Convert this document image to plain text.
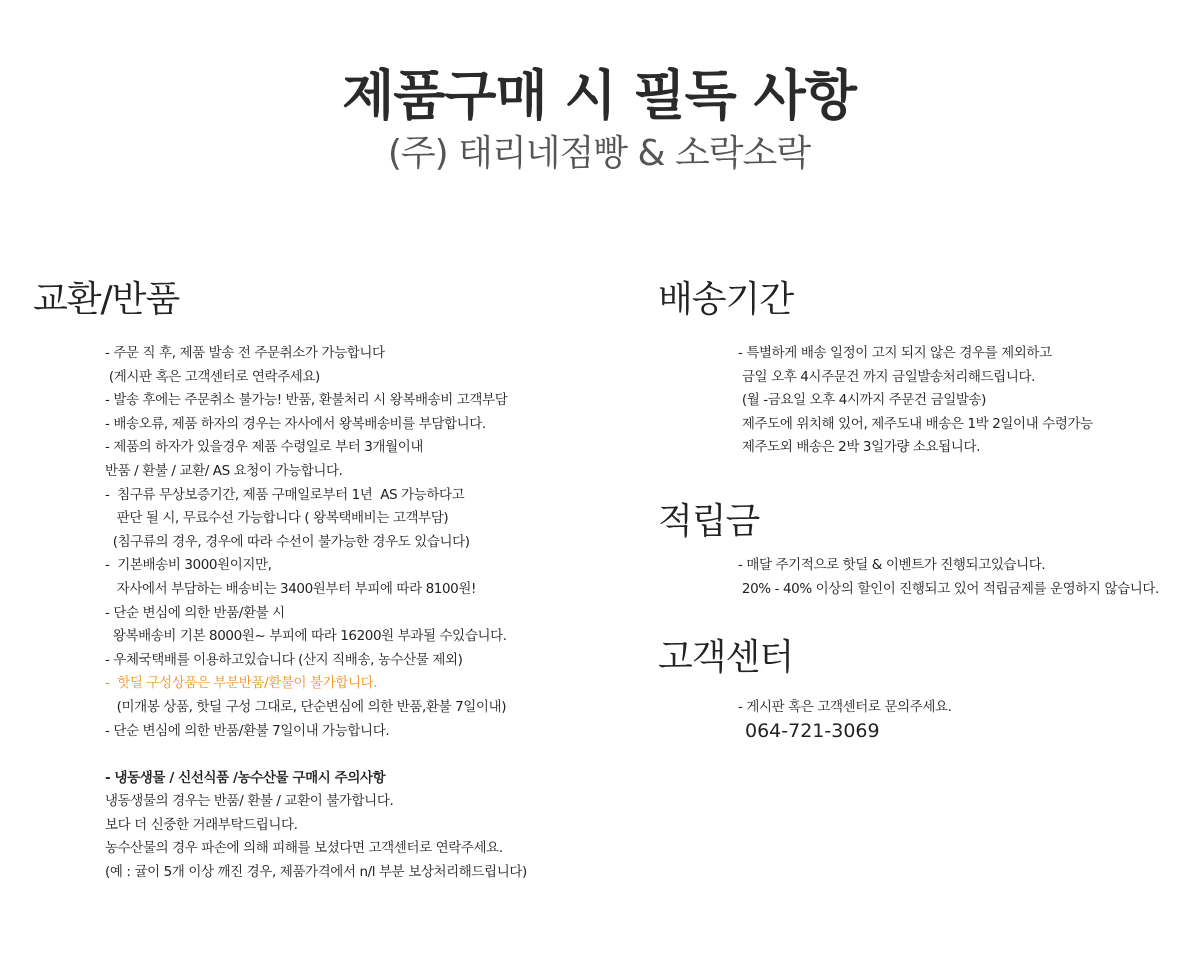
제품구매 시 필독 사항
(주) 태리네점빵 & 소락소락
교환/반품
- 주문 직 후, 제품 발송 전 주문취소가 가능합니다
(게시판 혹은 고객센터로 연락주세요)
- 발송 후에는 주문취소 불가능! 반품, 환불처리 시 왕복배송비 고객부담
- 배송오류, 제품 하자의 경우는 자사에서 왕복배송비를 부담합니다.
- 제품의 하자가 있을경우 제품 수령일로 부터 3개월이내
반품 / 환불 / 교환/ AS 요청이 가능합니다.
-  침구류 무상보증기간, 제품 구매일로부터 1년  AS 가능하다고
판단 될 시, 무료수선 가능합니다 ( 왕복택배비는 고객부담)
(침구류의 경우, 경우에 따라 수선이 불가능한 경우도 있습니다)
-  기본배송비 3000원이지만,
자사에서 부담하는 배송비는 3400원부터 부피에 따라 8100원!
- 단순 변심에 의한 반품/환불 시
왕복배송비 기본 8000원~ 부피에 따라 16200원 부과될 수있습니다.
- 우체국택배를 이용하고있습니다 (산지 직배송, 농수산물 제외)
-  핫딜 구성상품은 부분반품/환불이 불가합니다.
(미개봉 상품, 핫딜 구성 그대로, 단순변심에 의한 반품,환불 7일이내)
- 단순 변심에 의한 반품/환불 7일이내 가능합니다.
- 냉동생물 / 신선식품 /농수산물 구매시 주의사항
냉동생물의 경우는 반품/ 환불 / 교환이 불가합니다.
보다 더 신중한 거래부탁드립니다.
농수산물의 경우 파손에 의해 피해를 보셨다면 고객센터로 연락주세요.
(예 : 귤이 5개 이상 깨진 경우, 제품가격에서 n/l 부분 보상처리해드립니다)
배송기간
- 특별하게 배송 일정이 고지 되지 않은 경우를 제외하고
금일 오후 4시주문건 까지 금일발송처리해드립니다.
(월 -금요일 오후 4시까지 주문건 금일발송)
제주도에 위치해 있어, 제주도내 배송은 1박 2일이내 수령가능
제주도외 배송은 2박 3일가량 소요됩니다.
적립금
- 매달 주기적으로 핫딜 & 이벤트가 진행되고있습니다.
20% - 40% 이상의 할인이 진행되고 있어 적립금제를 운영하지 않습니다.
고객센터
- 게시판 혹은 고객센터로 문의주세요.
064-721-3069
